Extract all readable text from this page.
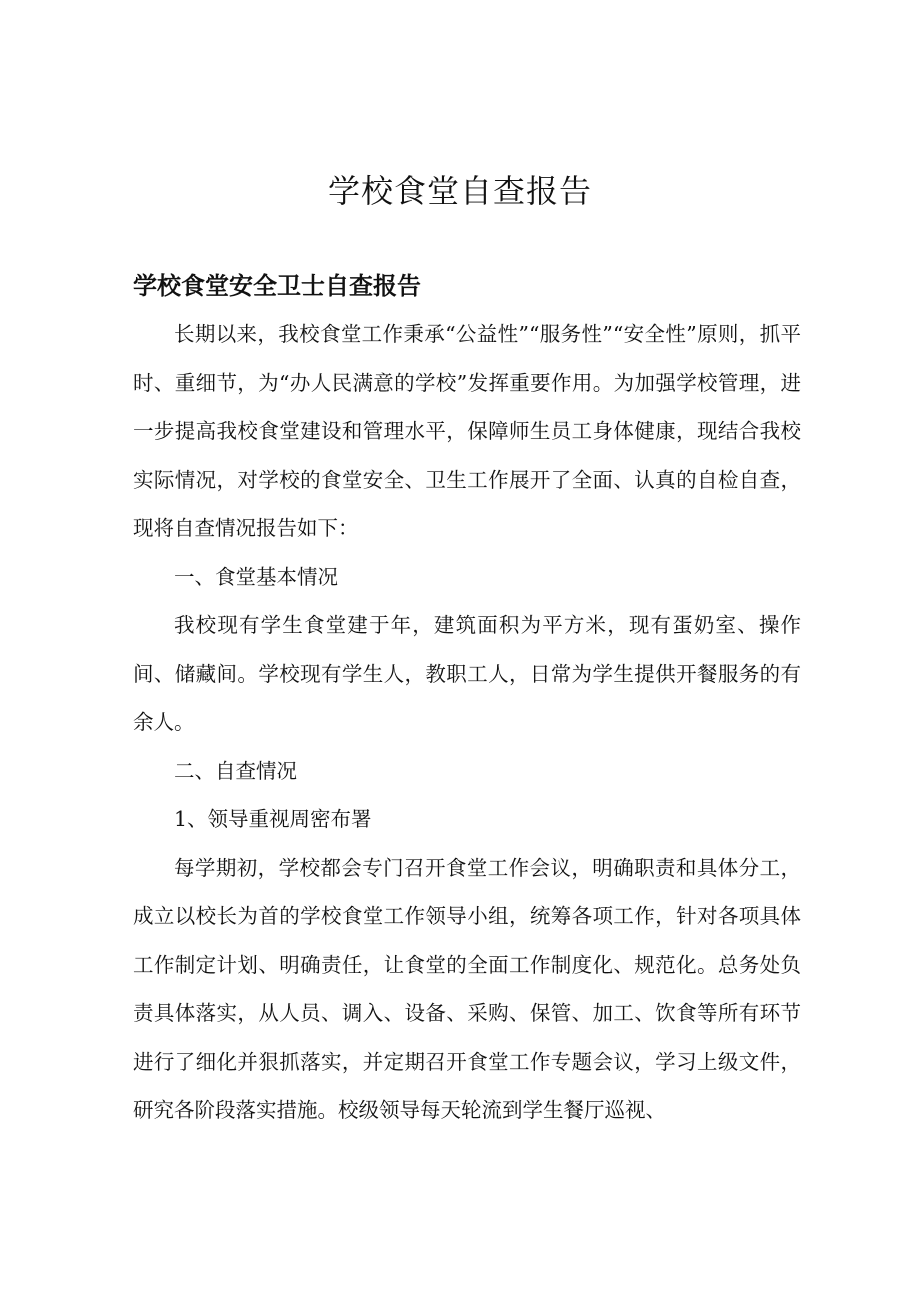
学校食堂自查报告
学校食堂安全卫士自查报告

长期以来，我校食堂工作秉承“公益性”“服务性”“安全性”原则，抓平时、重细节，为“办人民满意的学校”发挥重要作用。为加强学校管理，进一步提高我校食堂建设和管理水平，保障师生员工身体健康，现结合我校实际情况，对学校的食堂安全、卫生工作展开了全面、认真的自检自查，现将自查情况报告如下：

一、食堂基本情况

我校现有学生食堂建于年，建筑面积为平方米，现有蛋奶室、操作间、储藏间。学校现有学生人，教职工人，日常为学生提供开餐服务的有余人。

二、自查情况

1、领导重视周密布署

每学期初，学校都会专门召开食堂工作会议，明确职责和具体分工，成立以校长为首的学校食堂工作领导小组，统筹各项工作，针对各项具体工作制定计划、明确责任，让食堂的全面工作制度化、规范化。总务处负责具体落实，从人员、调入、设备、采购、保管、加工、饮食等所有环节进行了细化并狠抓落实，并定期召开食堂工作专题会议，学习上级文件，研究各阶段落实措施。校级领导每天轮流到学生餐厅巡视、
